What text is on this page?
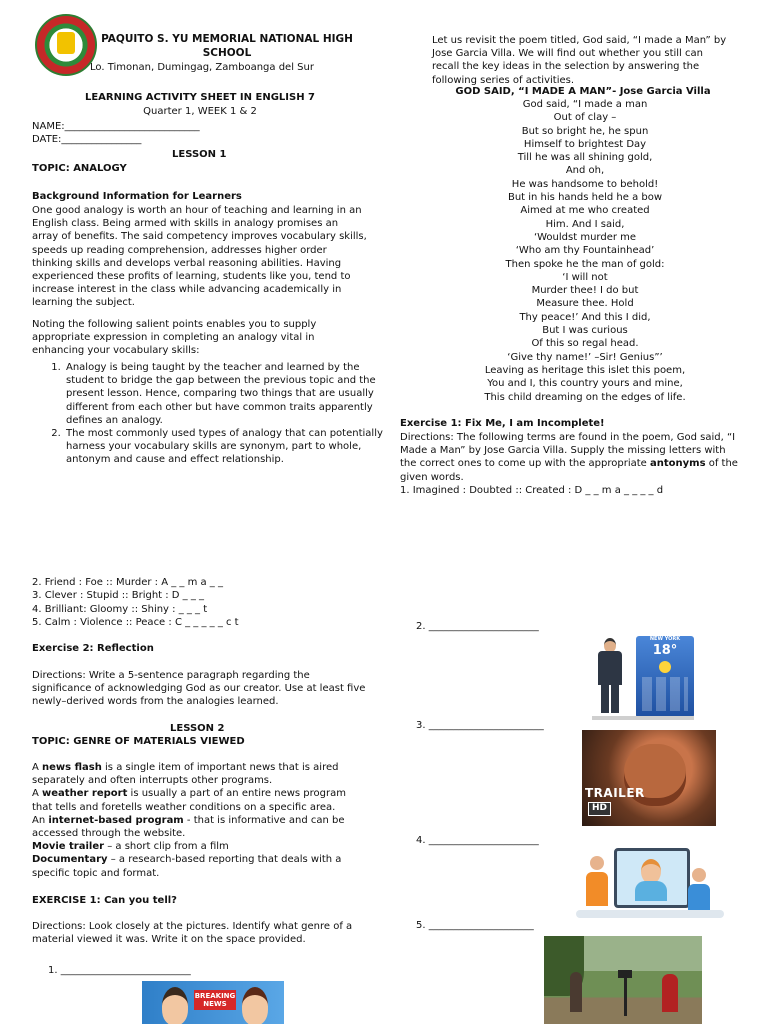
PAQUITO S. YU MEMORIAL NATIONAL HIGH
SCHOOL
Lo. Timonan, Dumingag, Zamboanga del Sur
LEARNING ACTIVITY SHEET IN ENGLISH 7
Quarter 1, WEEK 1 & 2
NAME:___________________________
DATE:________________
LESSON 1
TOPIC: ANALOGY
Background Information for Learners

One good analogy is worth an hour of teaching and learning in an English class. Being armed with skills in analogy promises an array of benefits. The said competency improves vocabulary skills, speeds up reading comprehension, addresses higher order thinking skills and develops verbal reasoning abilities. Having experienced these profits of learning, students like you, tend to increase interest in the class while advancing academically in learning the subject.

Noting the following salient points enables you to supply appropriate expression in completing an analogy vital in enhancing your vocabulary skills:

1. Analogy is being taught by the teacher and learned by the student to bridge the gap between the previous topic and the present lesson. Hence, comparing two things that are usually different from each other but have common traits apparently defines an analogy.
2. The most commonly used types of analogy that can potentially harness your vocabulary skills are synonym, part to whole, antonym and cause and effect relationship.

Let us revisit the poem titled, God said, “I made a Man” by Jose Garcia Villa. We will find out whether you still can recall the key ideas in the selection by answering the following series of activities.

GOD SAID, “I MADE A MAN”- Jose Garcia Villa
God said, “I made a man
Out of clay –
But so bright he, he spun
Himself to brightest Day
Till he was all shining gold,
And oh,
He was handsome to behold!
But in his hands held he a bow
Aimed at me who created
Him. And I said,
‘Wouldst murder me
‘Who am thy Fountainhead’
Then spoke he the man of gold:
‘I will not
Murder thee! I do but
Measure thee. Hold
Thy peace!’ And this I did,
But I was curious
Of this so regal head.
‘Give thy name!’ –Sir! Genius”’
Leaving as heritage this islet this poem,
You and I, this country yours and mine,
This child dreaming on the edges of life.
Exercise 1: Fix Me, I am Incomplete!

Directions: The following terms are found in the poem, God said, “I Made a Man” by Jose Garcia Villa. Supply the missing letters with the correct ones to come up with the appropriate antonyms of the given words.

1. Imagined : Doubted :: Created : D _ _ m a _ _ _ _ d
2. Friend : Foe :: Murder : A _ _ m a _ _
3. Clever : Stupid :: Bright : D _ _ _
4. Brilliant: Gloomy :: Shiny : _ _ _ t
5. Calm : Violence :: Peace : C _ _ _ _ _ c t
Exercise 2: Reflection

Directions: Write a 5-sentence paragraph regarding the significance of acknowledging God as our creator. Use at least five newly–derived words from the analogies learned.

LESSON 2
TOPIC: GENRE OF MATERIALS VIEWED

A news flash is a single item of important news that is aired separately and often interrupts other programs.

A weather report is usually a part of an entire news program that tells and foretells weather conditions on a specific area.

An internet-based program - that is informative and can be accessed through the website.

Movie trailer – a short clip from a film

Documentary – a research-based reporting that deals with a specific topic and format.

EXERCISE 1: Can you tell?

Directions: Look closely at the pictures. Identify what genre of a material viewed it was. Write it on the space provided.

1. __________________________
2. ______________________
3. _______________________
4. ______________________
5. _____________________
BREAKING NEWS
NEW YORK
18°
TRAILER
HD
